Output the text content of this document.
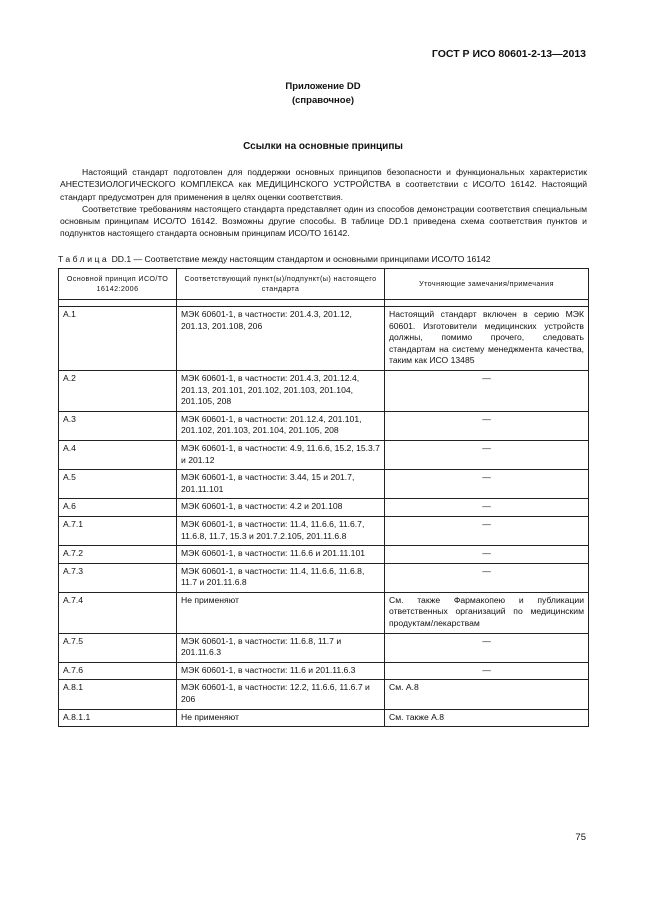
ГОСТ Р ИСО 80601-2-13—2013
Приложение DD
(справочное)
Ссылки на основные принципы

Настоящий стандарт подготовлен для поддержки основных принципов безопасности и функциональных характеристик АНЕСТЕЗИОЛОГИЧЕСКОГО КОМПЛЕКСА как МЕДИЦИНСКОГО УСТРОЙСТВА в соответствии с ИСО/ТО 16142. Настоящий стандарт предусмотрен для применения в целях оценки соответствия.

Соответствие требованиям настоящего стандарта представляет один из способов демонстрации соответствия специальным основным принципам ИСО/ТО 16142. Возможны другие способы. В таблице DD.1 приведена схема соответствия пунктов и подпунктов настоящего стандарта основным принципам ИСО/ТО 16142.

Таблица DD.1 — Соответствие между настоящим стандартом и основными принципами ИСО/ТО 16142
Основной принцип ИСО/ТО 16142:2006	Соответствующий пункт(ы)/подпункт(ы) настоящего стандарта	Уточняющие замечания/примечания

A.1	МЭК 60601-1, в частности: 201.4.3, 201.12, 201.13, 201.108, 206	Настоящий стандарт включен в серию МЭК 60601. Изготовители медицинских устройств должны, помимо прочего, следовать стандартам на систему менеджмента качества, таким как ИСО 13485
A.2	МЭК 60601-1, в частности: 201.4.3, 201.12.4, 201.13, 201.101, 201.102, 201.103, 201.104, 201.105, 208	—
A.3	МЭК 60601-1, в частности: 201.12.4, 201.101, 201.102, 201.103, 201.104, 201.105, 208	—
A.4	МЭК 60601-1, в частности: 4.9, 11.6.6, 15.2, 15.3.7 и 201.12	—
A.5	МЭК 60601-1, в частности: 3.44, 15 и 201.7, 201.11.101	—
A.6	МЭК 60601-1, в частности: 4.2 и 201.108	—
A.7.1	МЭК 60601-1, в частности: 11.4, 11.6.6, 11.6.7, 11.6.8, 11.7, 15.3 и 201.7.2.105, 201.11.6.8	—
A.7.2	МЭК 60601-1, в частности: 11.6.6 и 201.11.101	—
A.7.3	МЭК 60601-1, в частности: 11.4, 11.6.6, 11.6.8, 11.7 и 201.11.6.8	—
A.7.4	Не применяют	См. также Фармакопею и публикации ответственных организаций по медицинским продуктам/лекарствам
A.7.5	МЭК 60601-1, в частности: 11.6.8, 11.7 и 201.11.6.3	—
A.7.6	МЭК 60601-1, в частности: 11.6 и 201.11.6.3	—
A.8.1	МЭК 60601-1, в частности: 12.2, 11.6.6, 11.6.7 и 206	См. A.8
A.8.1.1	Не применяют	См. также A.8
75
